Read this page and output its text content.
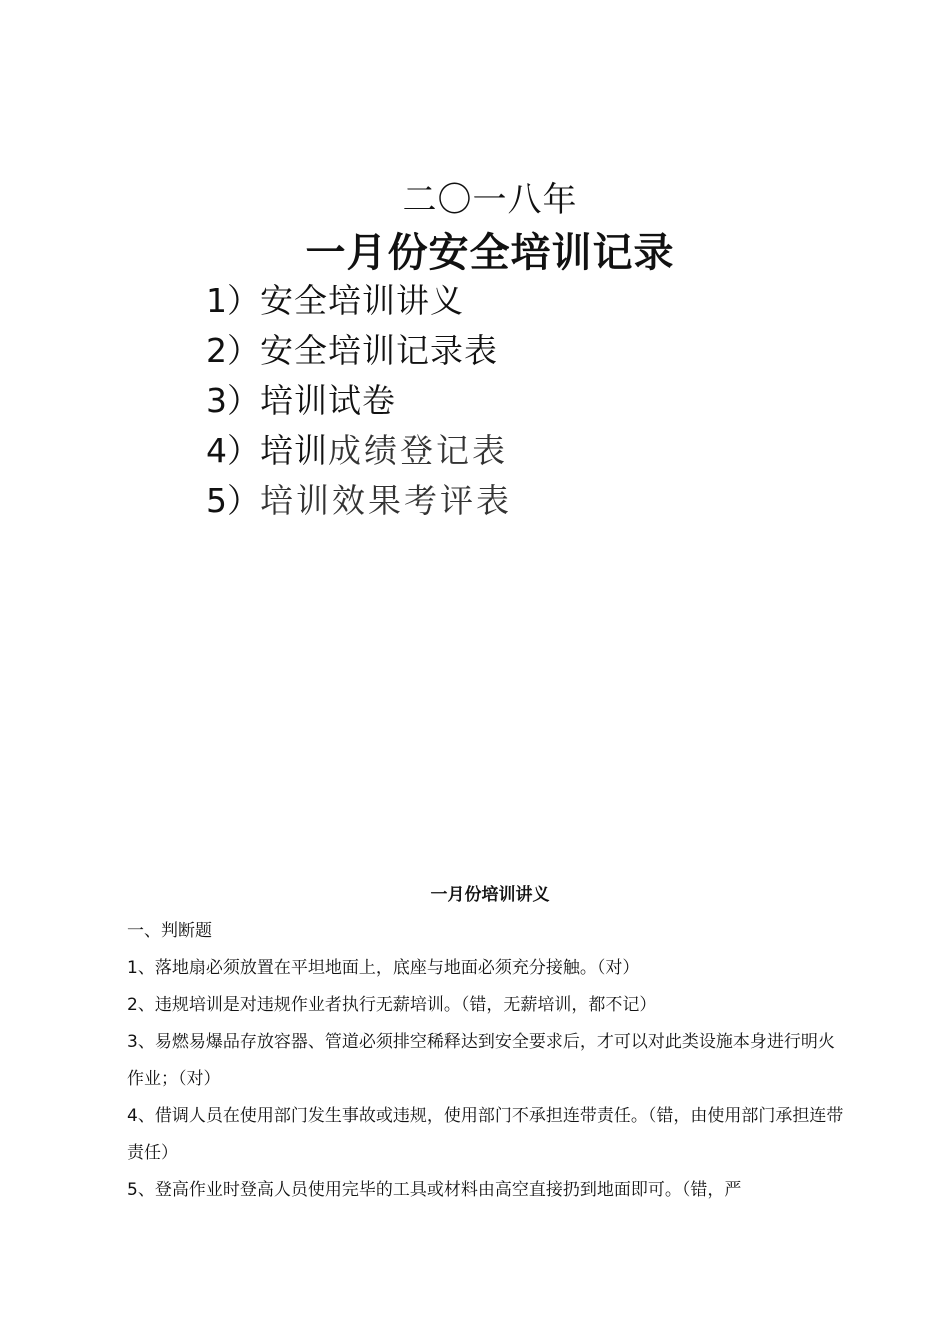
二〇一八年
一月份安全培训记录
1）安全培训讲义
2）安全培训记录表
3）培训试卷
4）培训成绩登记表
5）培训效果考评表
一月份培训讲义

一、判断题

1、落地扇必须放置在平坦地面上，底座与地面必须充分接触。（对）

2、违规培训是对违规作业者执行无薪培训。（错，无薪培训，都不记）

3、易燃易爆品存放容器、管道必须排空稀释达到安全要求后，才可以对此类设施本身进行明火作业；（对）

4、借调人员在使用部门发生事故或违规，使用部门不承担连带责任。（错，由使用部门承担连带责任）

5、登高作业时登高人员使用完毕的工具或材料由高空直接扔到地面即可。（错，严
